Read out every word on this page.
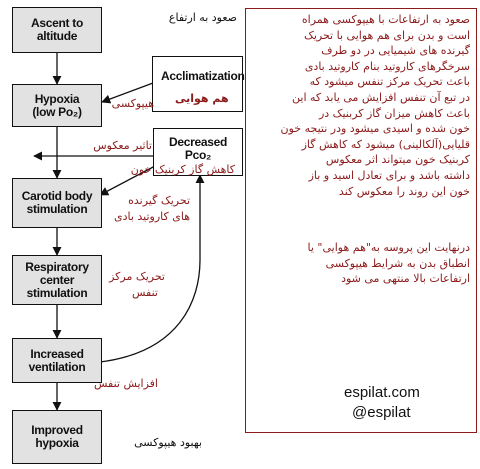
Ascent to
altitude
Hypoxia
(low Po₂)
Carotid body
stimulation
Respiratory center
stimulation
Increased
ventilation
Improved
hypoxia
Acclimatization
هم هوایی
Decreased
Pco₂
صعود به ارتفاع
هیپوکسی
تاثیر معکوس
کاهش گاز کربنیک خون
تحریک گیرنده
های کاروتید بادی
تحریک مرکز
تنفس
افزایش تنفس
بهبود هیپوکسی
صعود به ارتفاعات با هیپوکسی همراه
است و بدن برای هم هوایی با تحریک
گیرنده های شیمیایی در دو طرف
سرخگرهای کاروتید بنام کاروتید بادی
باعث تحریک مرکز تنفس میشود که
در تبع آن تنفس افزایش می یابد که این
باعث کاهش میزان گاز کربنیک در
خون شده و اسیدی میشود ودر نتیجه خون
قلیایی(آلکالینی) میشود که کاهش گاز
کربنیک خون میتواند اثر معکوس
داشته باشد و برای تعادل اسید و باز
خون این روند را معکوس کند
درنهایت این پروسه به"هم هوایی" یا
انطباق بدن به شرایط هیپوکسی
ارتفاعات بالا منتهی می شود
espilat.com
@espilat
